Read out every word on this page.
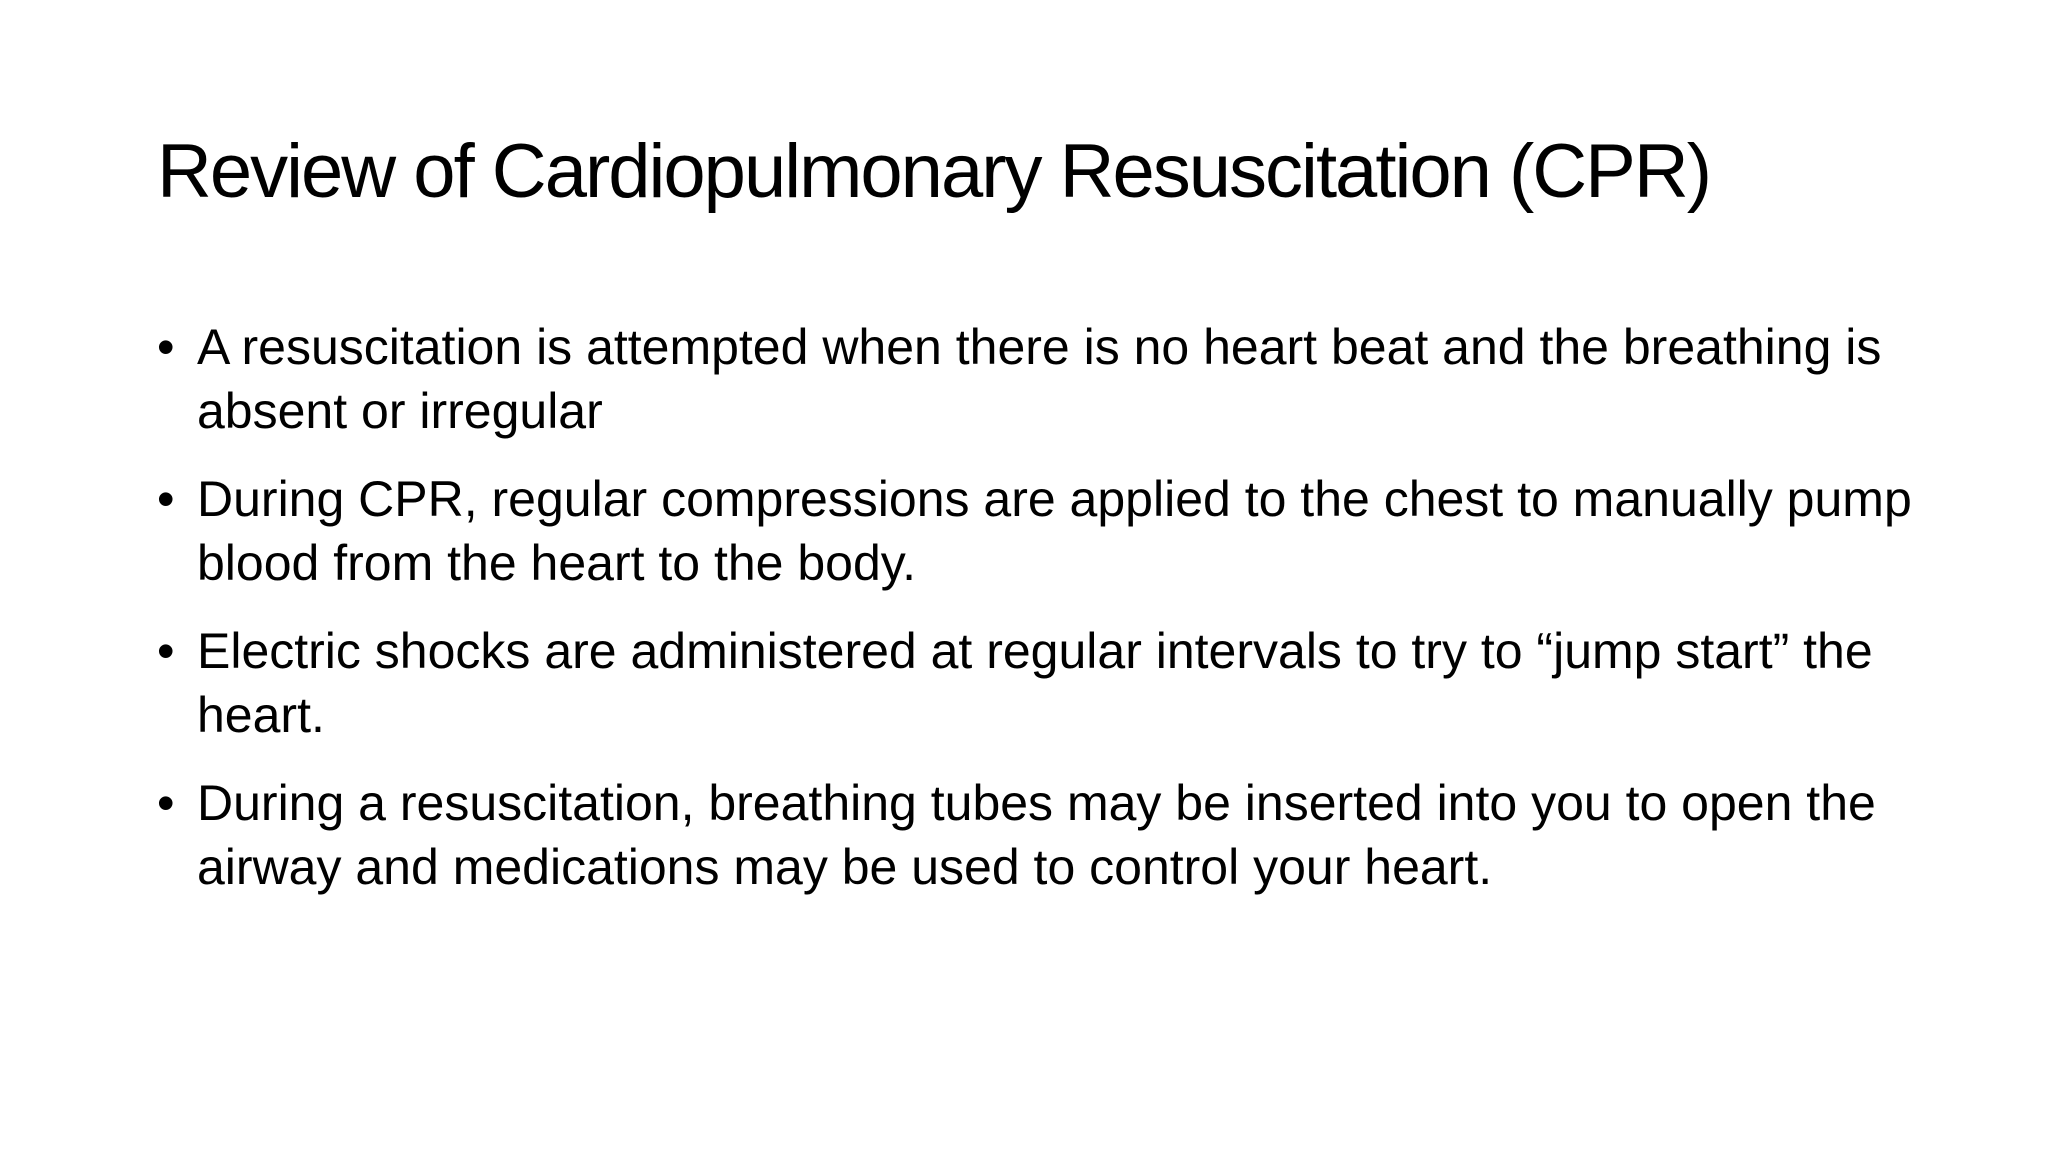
Review of Cardiopulmonary Resuscitation (CPR)
• A resuscitation is attempted when there is no heart beat and the breathing is absent or irregular
• During CPR, regular compressions are applied to the chest to manually pump blood from the heart to the body.
• Electric shocks are administered at regular intervals to try to “jump start” the heart.
• During a resuscitation, breathing tubes may be inserted into you to open the airway and medications may be used to control your heart.
